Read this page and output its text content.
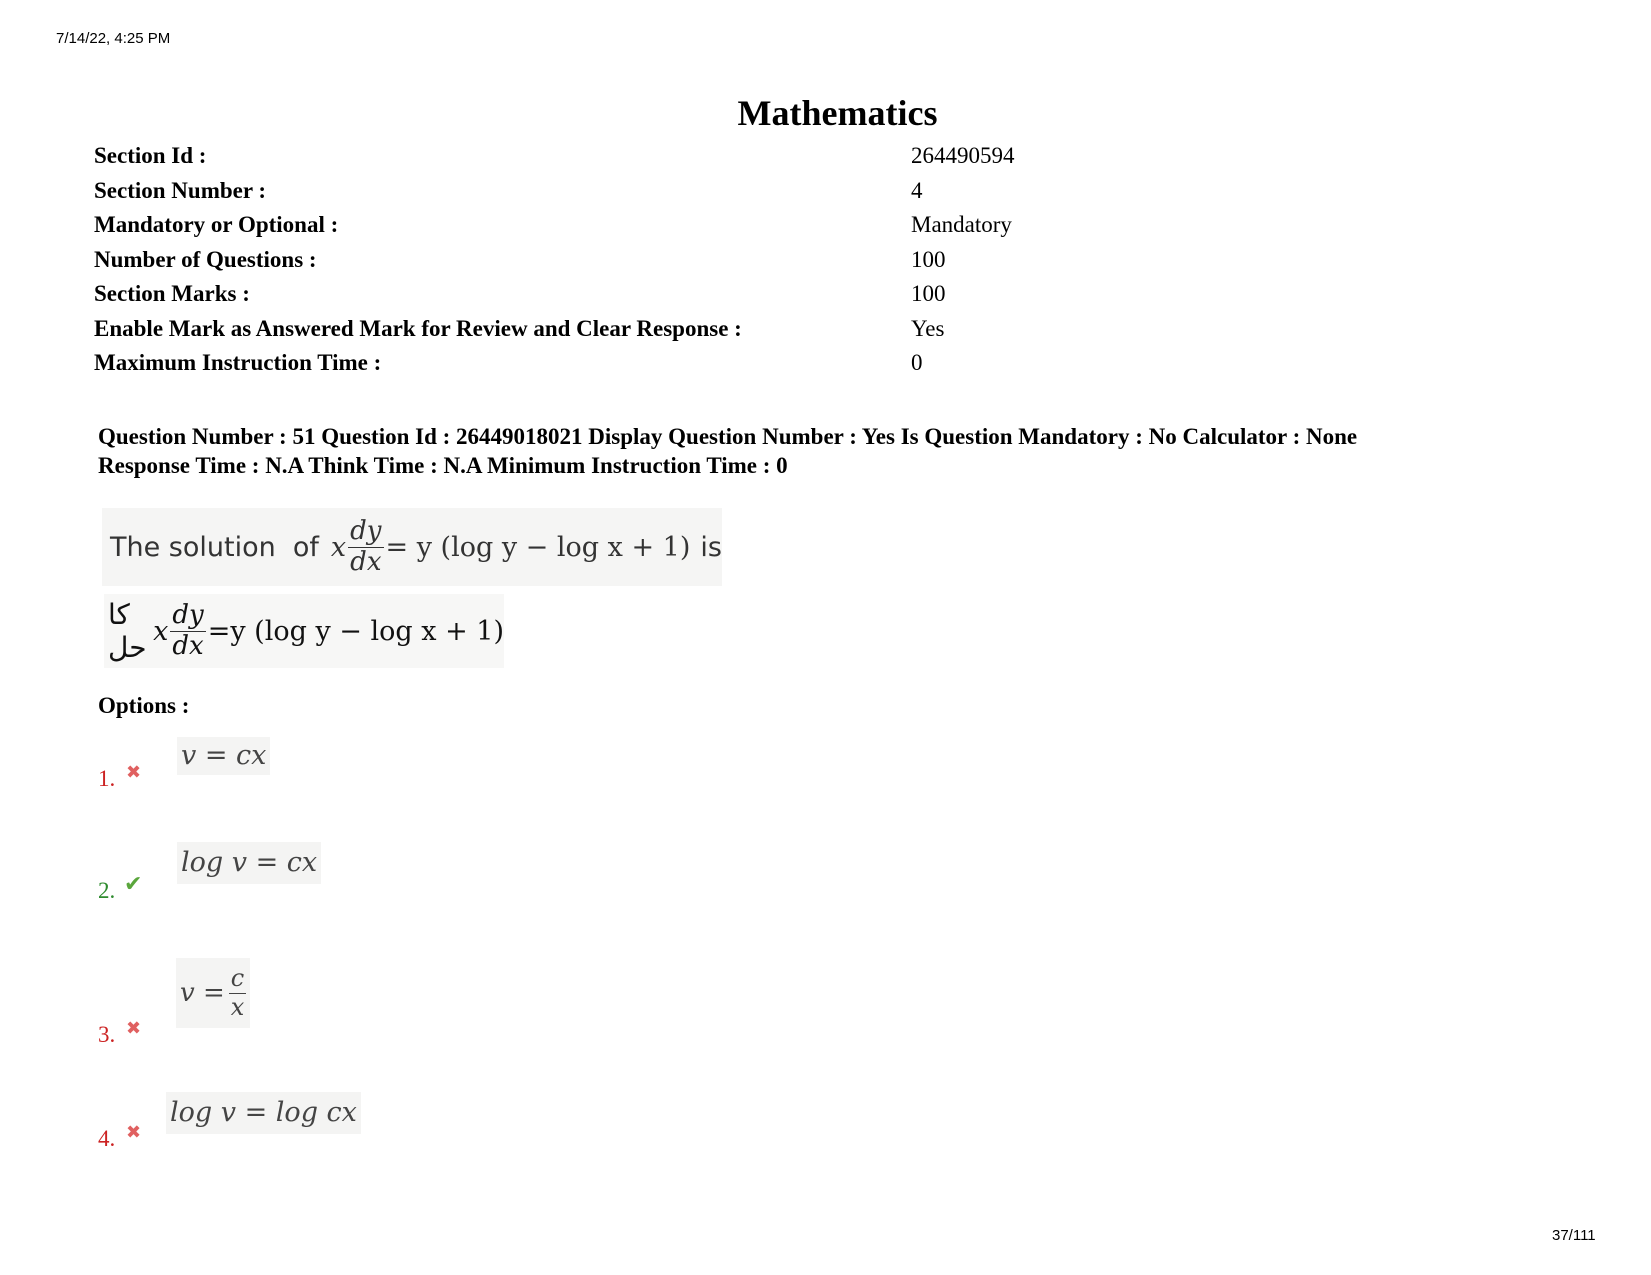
7/14/22, 4:25 PM
Mathematics
Section Id :	264490594
Section Number :	4
Mandatory or Optional :	Mandatory
Number of Questions :	100
Section Marks :	100
Enable Mark as Answered Mark for Review and Clear Response :	Yes
Maximum Instruction Time :	0
Question Number : 51 Question Id : 26449018021 Display Question Number : Yes Is Question Mandatory : No Calculator : None
Response Time : N.A Think Time : N.A Minimum Instruction Time : 0
The solution  of x $\frac{dy}{dx} = y$ (log y − log x + 1) is
کا حل x $\frac{dy}{dx} =y$ (log y − log x + 1)
Options :
1. ✖
v = cx
2. ✔
log v = cx
3. ✖
$v = \frac{c}{x}$
4. ✖
log v = log cx
37/111
